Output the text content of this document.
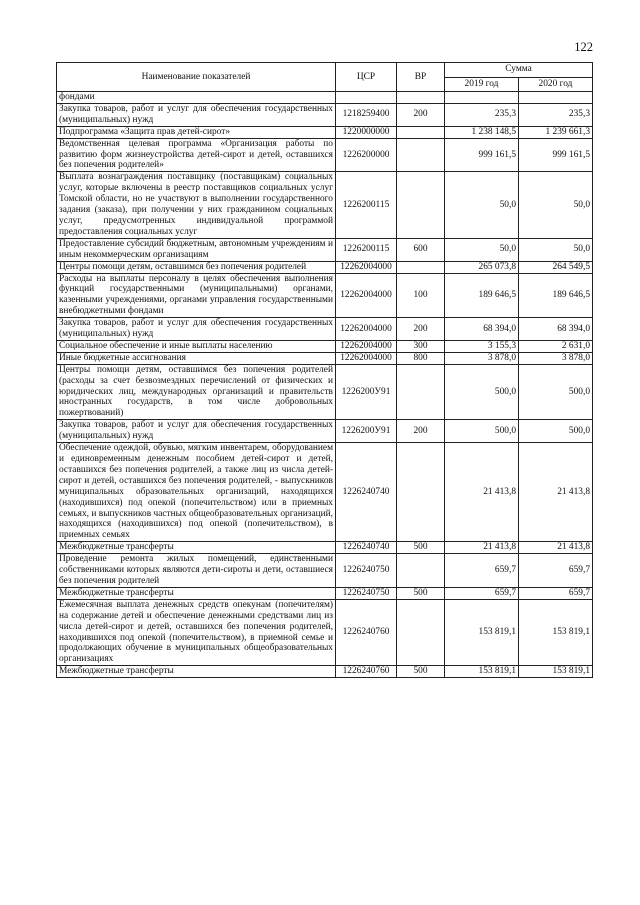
122
Наименование показателей	ЦСР	ВР	Сумма	
			2019 год	2020 год
фондами				
Закупка товаров, работ и услуг для обеспечения государственных (муниципальных) нужд	1218259400	200	235,3	235,3
Подпрограмма «Защита прав детей-сирот»	1220000000		1 238 148,5	1 239 661,3
Ведомственная целевая программа «Организация работы по развитию форм жизнеустройства детей-сирот и детей, оставшихся без попечения родителей»	1226200000		999 161,5	999 161,5
Выплата вознаграждения поставщику (поставщикам) социальных услуг, которые включены в реестр поставщиков социальных услуг Томской области, но не участвуют в выполнении государственного задания (заказа), при получении у них гражданином социальных услуг, предусмотренных индивидуальной программой предоставления социальных услуг	1226200115		50,0	50,0
Предоставление субсидий бюджетным, автономным учреждениям и иным некоммерческим организациям	1226200115	600	50,0	50,0
Центры помощи детям, оставшимся без попечения родителей	12262004000		265 073,8	264 549,5
Расходы на выплаты персоналу в целях обеспечения выполнения функций государственными (муниципальными) органами, казенными учреждениями, органами управления государственными внебюджетными фондами	12262004000	100	189 646,5	189 646,5
Закупка товаров, работ и услуг для обеспечения государственных (муниципальных) нужд	12262004000	200	68 394,0	68 394,0
Социальное обеспечение и иные выплаты населению	12262004000	300	3 155,3	2 631,0
Иные бюджетные ассигнования	12262004000	800	3 878,0	3 878,0
Центры помощи детям, оставшимся без попечения родителей (расходы за счет безвозмездных перечислений от физических и юридических лиц, международных организаций и правительств иностранных государств, в том числе добровольных пожертвований)	1226200У91		500,0	500,0
Закупка товаров, работ и услуг для обеспечения государственных (муниципальных) нужд	1226200У91	200	500,0	500,0
Обеспечение одеждой, обувью, мягким инвентарем, оборудованием и единовременным денежным пособием детей-сирот и детей, оставшихся без попечения родителей, а также лиц из числа детей-сирот и детей, оставшихся без попечения родителей, - выпускников муниципальных образовательных организаций, находящихся (находившихся) под опекой (попечительством) или в приемных семьях, и выпускников частных общеобразовательных организаций, находящихся (находившихся) под опекой (попечительством), в приемных семьях	1226240740		21 413,8	21 413,8
Межбюджетные трансферты	1226240740	500	21 413,8	21 413,8
Проведение ремонта жилых помещений, единственными собственниками которых являются дети-сироты и дети, оставшиеся без попечения родителей	1226240750		659,7	659,7
Межбюджетные трансферты	1226240750	500	659,7	659,7
Ежемесячная выплата денежных средств опекунам (попечителям) на содержание детей и обеспечение денежными средствами лиц из числа детей-сирот и детей, оставшихся без попечения родителей, находившихся под опекой (попечительством), в приемной семье и продолжающих обучение в муниципальных общеобразовательных организациях	1226240760		153 819,1	153 819,1
Межбюджетные трансферты	1226240760	500	153 819,1	153 819,1
